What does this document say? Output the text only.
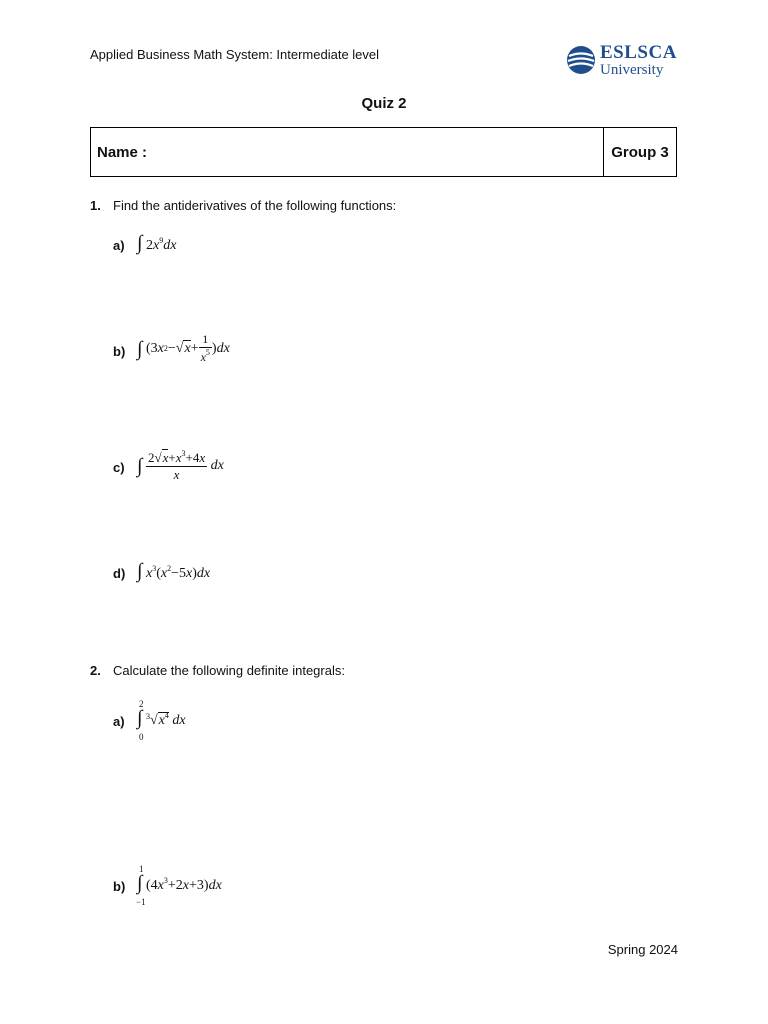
Applied Business Math System: Intermediate level	ESLSCA
University
Quiz 2
Name :	Group 3
1. Find the antiderivatives of the following functions:
a) ∫ $2x^9dx$
b) ∫ (3 x 2 −√ $x + \frac{1}{x^5}$ ) dx
c) ∫
$\frac{2√x+x^3+4x}{x}$
dx
d) ∫ $x^3(x^2-5x)dx$
2. Calculate the following definite integrals:
a)
2
0
∫ $^3√x^4$ dx
b)
1
−1
∫ $(4x^3+2x+3)dx$
Spring 2024
